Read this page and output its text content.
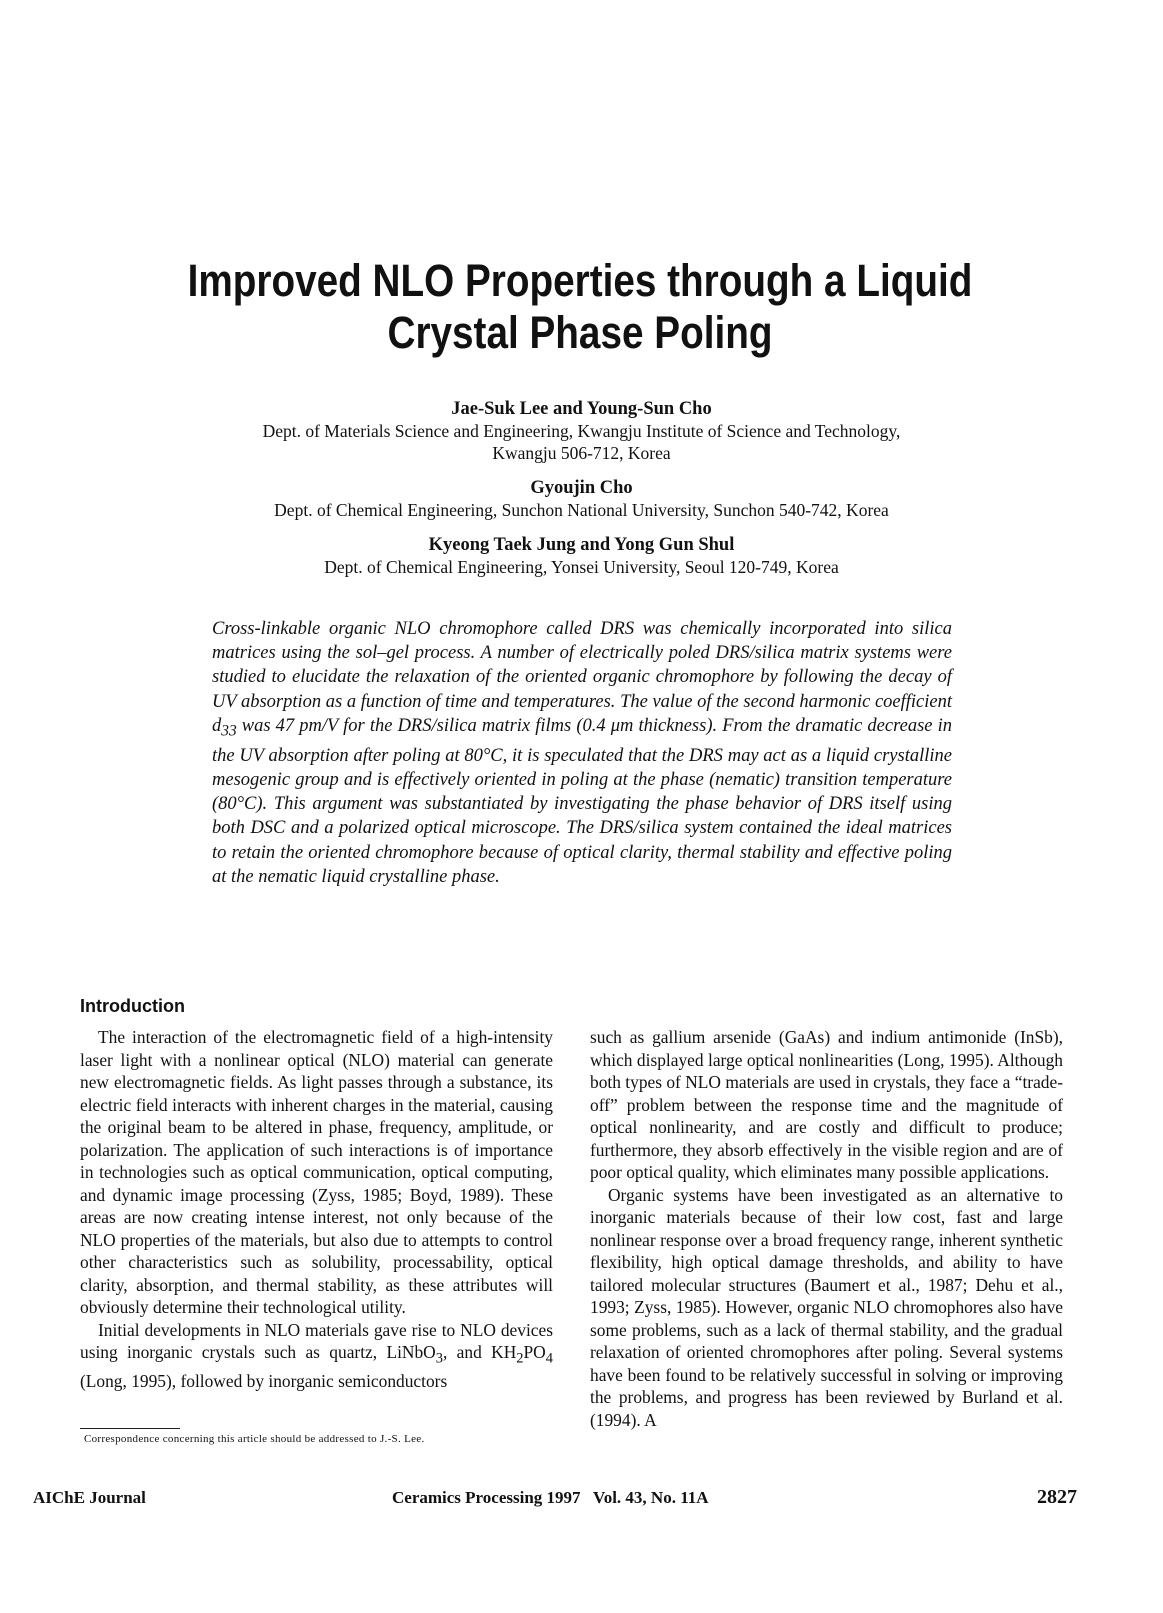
Improved NLO Properties through a Liquid
Crystal Phase Poling
Jae-Suk Lee and Young-Sun Cho
Dept. of Materials Science and Engineering, Kwangju Institute of Science and Technology,
Kwangju 506-712, Korea
Gyoujin Cho
Dept. of Chemical Engineering, Sunchon National University, Sunchon 540-742, Korea
Kyeong Taek Jung and Yong Gun Shul
Dept. of Chemical Engineering, Yonsei University, Seoul 120-749, Korea
Cross-linkable organic NLO chromophore called DRS was chemically incorporated into silica matrices using the sol–gel process. A number of electrically poled DRS/silica matrix systems were studied to elucidate the relaxation of the oriented organic chromophore by following the decay of UV absorption as a function of time and temperatures. The value of the second harmonic coefficient $d_{33}$ was 47 pm/V for the DRS/silica matrix films (0.4 μm thickness). From the dramatic decrease in the UV absorption after poling at 80°C, it is speculated that the DRS may act as a liquid crystalline mesogenic group and is effectively oriented in poling at the phase (nematic) transition temperature (80°C). This argument was substantiated by investigating the phase behavior of DRS itself using both DSC and a polarized optical microscope. The DRS/silica system contained the ideal matrices to retain the oriented chromophore because of optical clarity, thermal stability and effective poling at the nematic liquid crystalline phase.
Introduction

The interaction of the electromagnetic field of a high-intensity laser light with a nonlinear optical (NLO) material can generate new electromagnetic fields. As light passes through a substance, its electric field interacts with inherent charges in the material, causing the original beam to be altered in phase, frequency, amplitude, or polarization. The application of such interactions is of importance in technologies such as optical communication, optical computing, and dynamic image processing (Zyss, 1985; Boyd, 1989). These areas are now creating intense interest, not only because of the NLO properties of the materials, but also due to attempts to control other characteristics such as solubility, processability, optical clarity, absorption, and thermal stability, as these attributes will obviously determine their technological utility.

Initial developments in NLO materials gave rise to NLO devices using inorganic crystals such as quartz, LiNbO$_3$, and $KH_2PO_4$ (Long, 1995), followed by inorganic semiconductors

such as gallium arsenide (GaAs) and indium antimonide (InSb), which displayed large optical nonlinearities (Long, 1995). Although both types of NLO materials are used in crystals, they face a “trade-off” problem between the response time and the magnitude of optical nonlinearity, and are costly and difficult to produce; furthermore, they absorb effectively in the visible region and are of poor optical quality, which eliminates many possible applications.

Organic systems have been investigated as an alternative to inorganic materials because of their low cost, fast and large nonlinear response over a broad frequency range, inherent synthetic flexibility, high optical damage thresholds, and ability to have tailored molecular structures (Baumert et al., 1987; Dehu et al., 1993; Zyss, 1985). However, organic NLO chromophores also have some problems, such as a lack of thermal stability, and the gradual relaxation of oriented chromophores after poling. Several systems have been found to be relatively successful in solving or improving the problems, and progress has been reviewed by Burland et al. (1994). A

Correspondence concerning this article should be addressed to J.-S. Lee.
AIChE Journal	Ceramics Processing 1997   Vol. 43, No. 11A	2827
